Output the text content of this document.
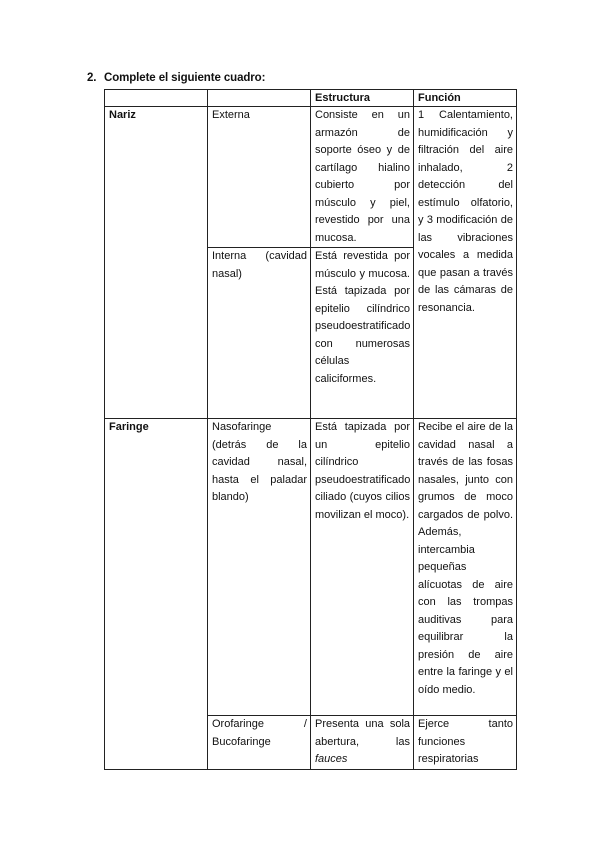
2. Complete el siguiente cuadro:
		Estructura	Función
Nariz	Externa	Consiste en un armazón de soporte óseo y de cartílago hialino cubierto por músculo y piel, revestido por una mucosa.	1 Calentamiento, humidificación y filtración del aire inhalado, 2 detección del estímulo olfatorio, y 3 modificación de las vibraciones vocales a medida que pasan a través de las cámaras de resonancia.
	Interna (cavidad nasal)	Está revestida por músculo y mucosa. Está tapizada por epitelio cilíndrico pseudoestratificado con numerosas células caliciformes.	
Faringe	Nasofaringe (detrás de la cavidad nasal, hasta el paladar blando)	Está tapizada por un epitelio cilíndrico pseudoestratificado ciliado (cuyos cilios movilizan el moco).	Recibe el aire de la cavidad nasal a través de las fosas nasales, junto con grumos de moco cargados de polvo. Además, intercambia pequeñas alícuotas de aire con las trompas auditivas para equilibrar la presión de aire entre la faringe y el oído medio.
	Orofaringe / Bucofaringe	Presenta una sola abertura, las fauces	Ejerce tanto funciones respiratorias
